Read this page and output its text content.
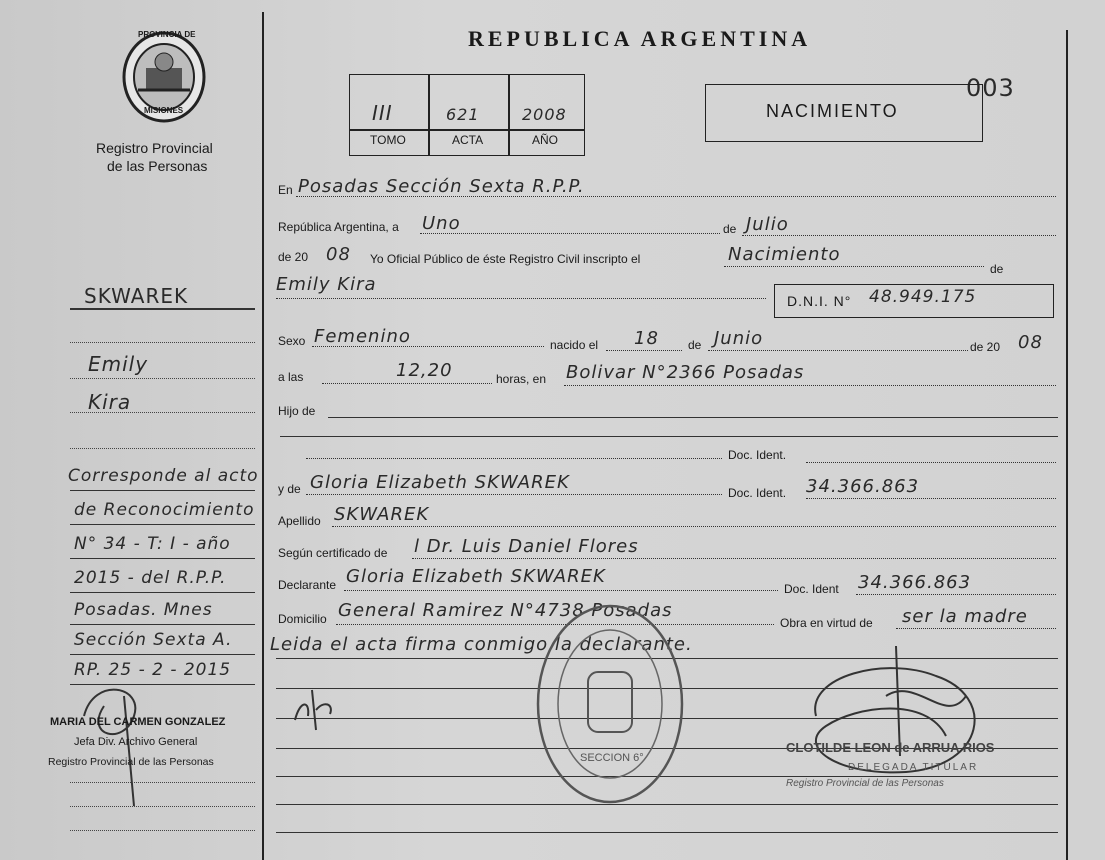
PROVINCIA DE
MISIONES
Registro Provincial
de las Personas
REPUBLICA ARGENTINA
003
III	621	2008
TOMO	ACTA	AÑO
NACIMIENTO
En Posadas Sección Sexta R.P.P.
República Argentina, a Uno	de Julio
de 20 08 Yo Oficial Público de éste Registro Civil inscripto el	Nacimiento
de
Emily Kira
D.N.I. N° 48.949.175
Sexo Femenino	nacido el 18 de Junio	de 20 08
a las	12,20	horas, en Bolivar N°2366 Posadas
Hijo de
Doc. Ident.
y de Gloria Elizabeth SKWAREK	Doc. Ident. 34.366.863
Apellido SKWAREK
Según certificado de l Dr. Luis Daniel Flores
Declarante Gloria Elizabeth SKWAREK
Doc. Ident 34.366.863
Domicilio General Ramirez N°4738 Posadas
Obra en virtud de ser la madre
Leida el acta firma conmigo la declarante.
SECCION 6°
CLOTILDE LEON de ARRUA RIOS
DELEGADA TITULAR
Registro Provincial de las Personas
SKWAREK
Emily
Kira
Corresponde al acto
de Reconocimiento
N° 34 - T: I - año
2015 - del R.P.P.
Posadas. Mnes
Sección Sexta A.
RP. 25 - 2 - 2015
MARIA DEL CARMEN GONZALEZ
Jefa Div. Archivo General
Registro Provincial de las Personas
